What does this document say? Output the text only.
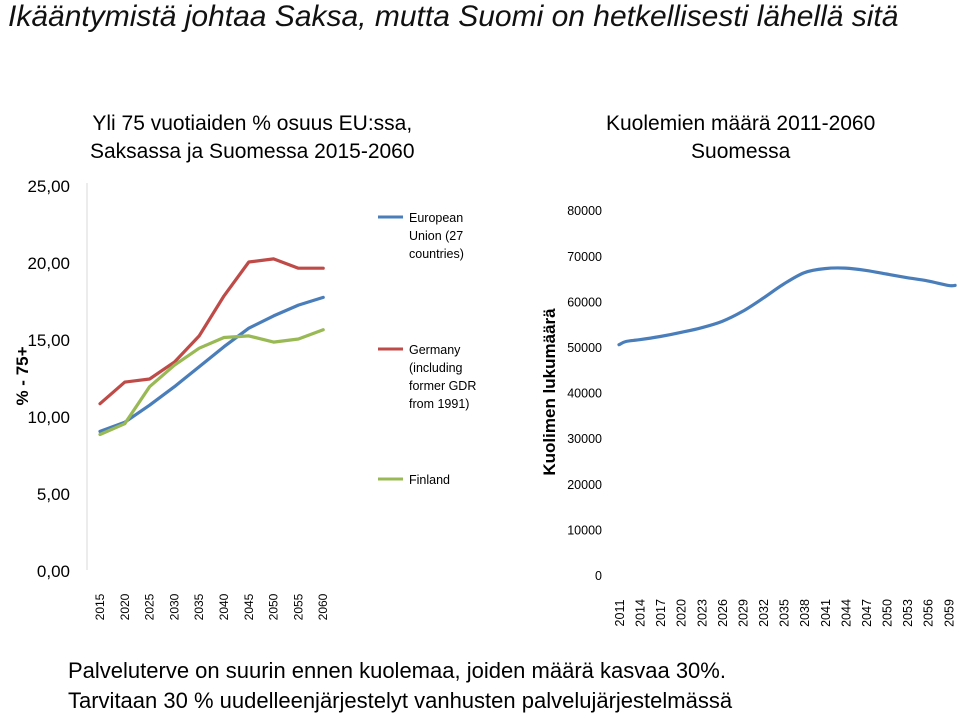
Ikääntymistä johtaa Saksa, mutta Suomi on hetkellisesti lähellä sitä
Yli 75 vuotiaiden % osuus EU:ssa,
Saksassa ja Suomessa 2015-2060
Kuolemien määrä 2011-2060
Suomessa
0,00
5,00
10,00
15,00
20,00
25,00
% - 75+
2015 2020 2025 2030 2035 2040 2045 2050 2055 2060
European Union (27 countries)
Germany (including former GDR from 1991)
Finland
0
10000
20000
30000
40000
50000
60000
70000
80000
Kuolimen lukumäärä
2011 2014 2017 2020 2023 2026 2029 2032 2035 2038 2041 2044 2047 2050 2053 2056 2059
Palveluterve on suurin ennen kuolemaa, joiden määrä kasvaa 30%.
Tarvitaan 30 % uudelleenjärjestelyt vanhusten palvelujärjestelmässä
